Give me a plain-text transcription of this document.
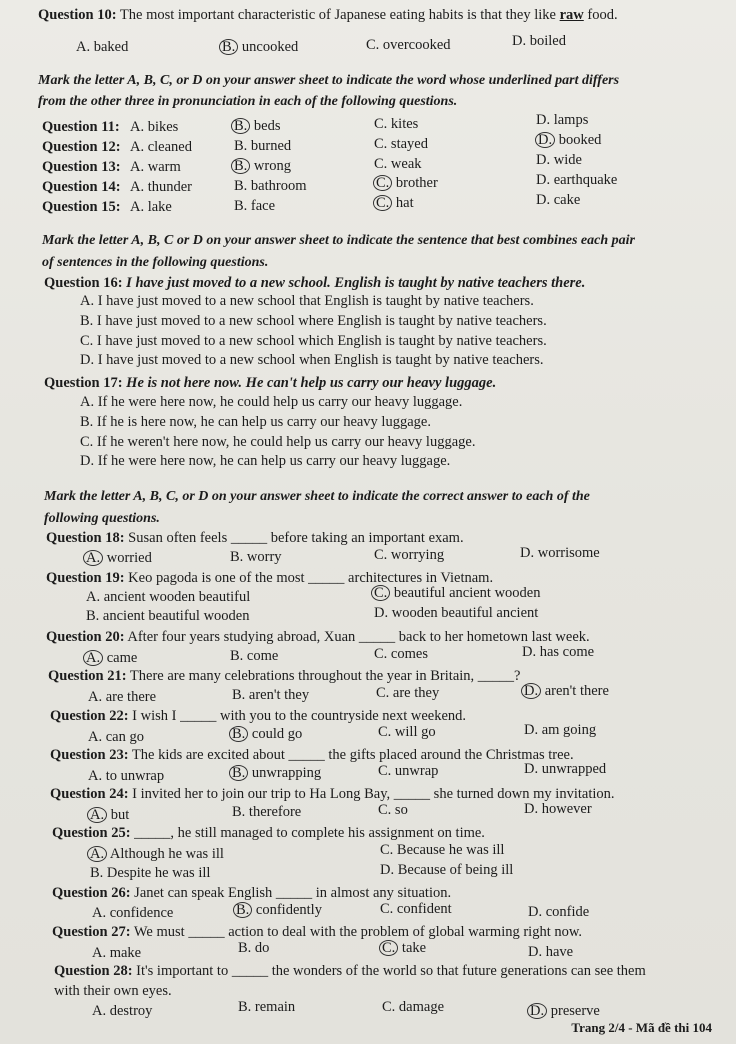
Question 10: The most important characteristic of Japanese eating habits is that they like raw food.
A. baked	B. uncooked	C. overcooked	D. boiled
Mark the letter A, B, C, or D on your answer sheet to indicate the word whose underlined part differs
from the other three in pronunciation in each of the following questions.
Question 11: A. bikes	B. beds	C. kites	D. lamps
Question 12: A. cleaned	B. burned	C. stayed	D. booked
Question 13: A. warm	B. wrong	C. weak	D. wide
Question 14: A. thunder	B. bathroom	C. brother	D. earthquake
Question 15: A. lake	B. face	C. hat	D. cake
Mark the letter A, B, C or D on your answer sheet to indicate the sentence that best combines each pair
of sentences in the following questions.
Question 16: I have just moved to a new school. English is taught by native teachers there.
A. I have just moved to a new school that English is taught by native teachers.
B. I have just moved to a new school where English is taught by native teachers.
C. I have just moved to a new school which English is taught by native teachers.
D. I have just moved to a new school when English is taught by native teachers.
Question 17: He is not here now. He can't help us carry our heavy luggage.
A. If he were here now, he could help us carry our heavy luggage.
B. If he is here now, he can help us carry our heavy luggage.
C. If he weren't here now, he could help us carry our heavy luggage.
D. If he were here now, he can help us carry our heavy luggage.
Mark the letter A, B, C, or D on your answer sheet to indicate the correct answer to each of the
following questions.
Question 18: Susan often feels _____ before taking an important exam.
A. worried	B. worry	C. worrying	D. worrisome
Question 19: Keo pagoda is one of the most _____ architectures in Vietnam.
A. ancient wooden beautiful	C. beautiful ancient wooden
B. ancient beautiful wooden	D. wooden beautiful ancient
Question 20: After four years studying abroad, Xuan _____ back to her hometown last week.
A. came	B. come	C. comes	D. has come
Question 21: There are many celebrations throughout the year in Britain, _____?
A. are there	B. aren't they	C. are they	D. aren't there
Question 22: I wish I _____ with you to the countryside next weekend.
A. can go	B. could go	C. will go	D. am going
Question 23: The kids are excited about _____ the gifts placed around the Christmas tree.
A. to unwrap	B. unwrapping	C. unwrap	D. unwrapped
Question 24: I invited her to join our trip to Ha Long Bay, _____ she turned down my invitation.
A. but	B. therefore	C. so	D. however
Question 25: _____, he still managed to complete his assignment on time.
A. Although he was ill	C. Because he was ill
B. Despite he was ill	D. Because of being ill
Question 26: Janet can speak English _____ in almost any situation.
A. confidence	B. confidently	C. confident	D. confide
Question 27: We must _____ action to deal with the problem of global warming right now.
A. make	B. do	C. take	D. have
Question 28: It's important to _____ the wonders of the world so that future generations can see them
with their own eyes.
A. destroy	B. remain	C. damage	D. preserve
Trang 2/4 - Mã đề thi 104
